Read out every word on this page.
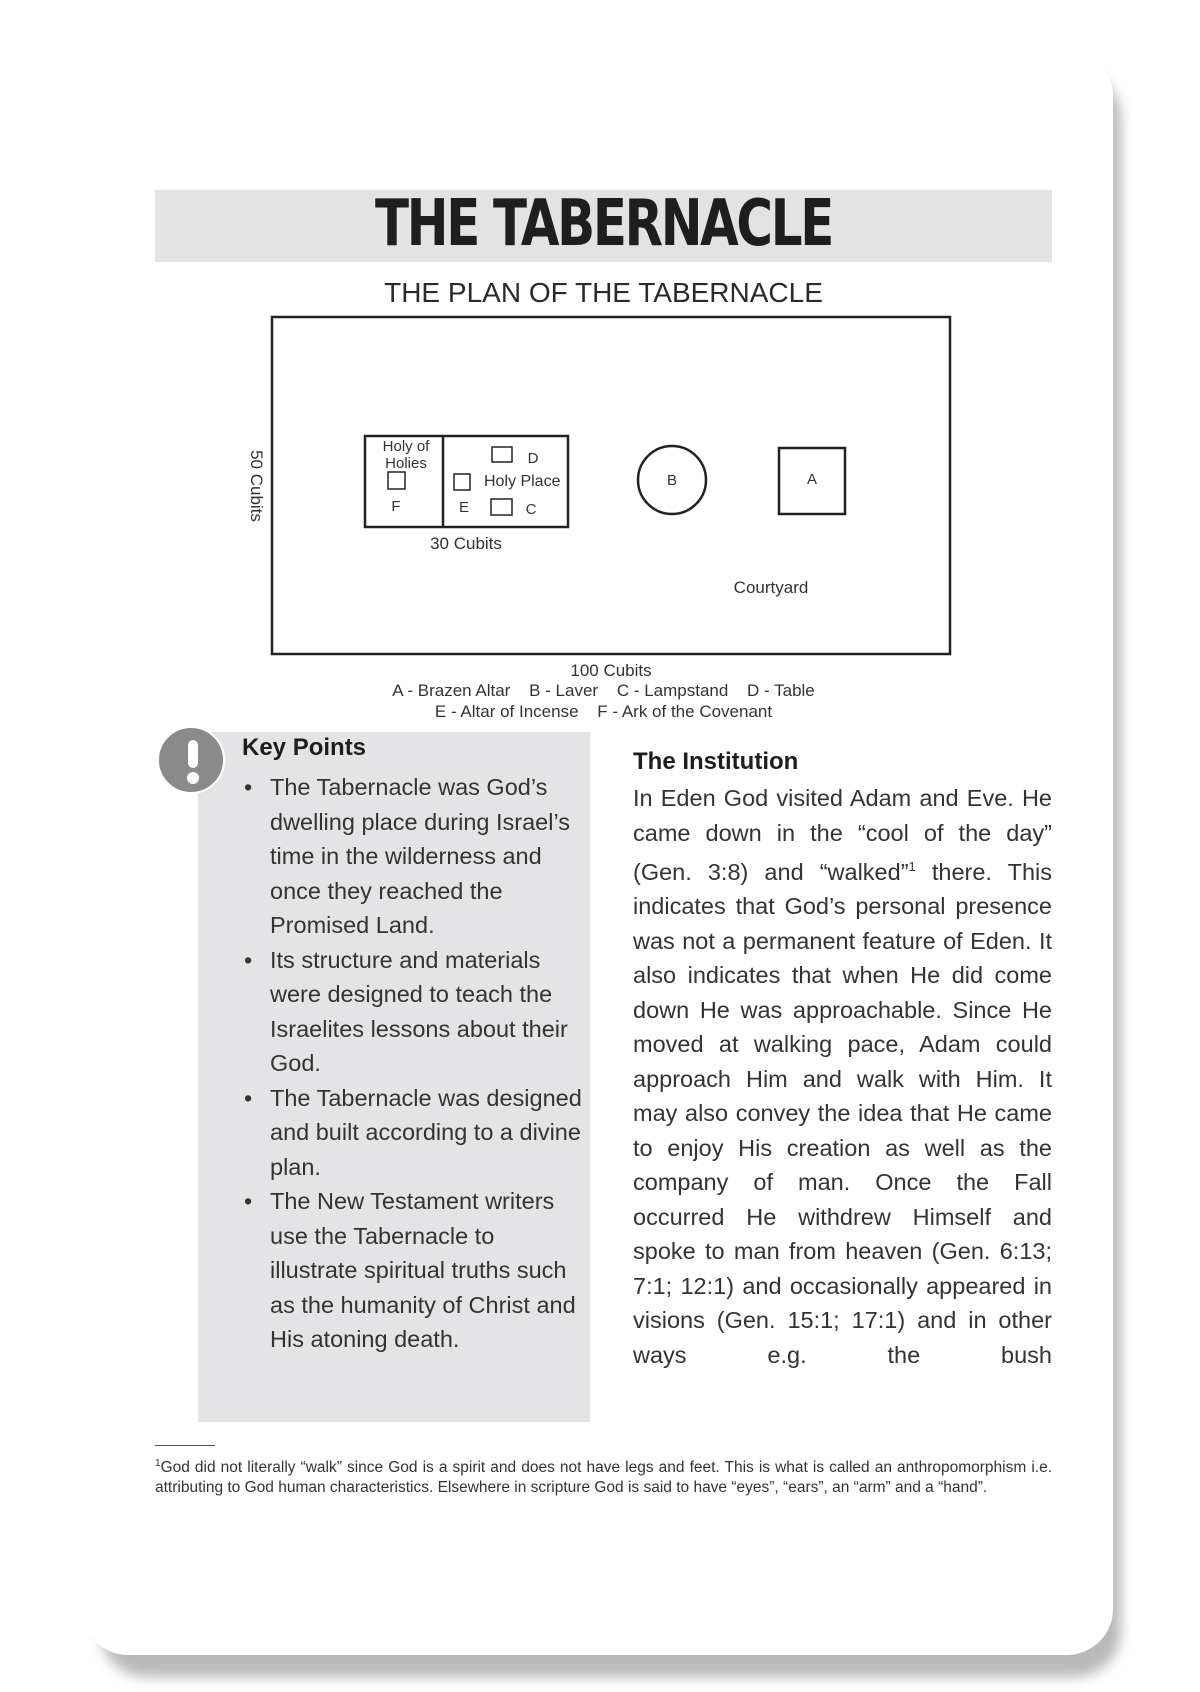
THE TABERNACLE
THE PLAN OF THE TABERNACLE
Holy of
Holies
F
D
Holy Place
E	C
B	A
30 Cubits
Courtyard
50 Cubits
100 Cubits
A - Brazen Altar B - Laver C - Lampstand D - Table
E - Altar of Incense F - Ark of the Covenant
Key Points
• The Tabernacle was God’s dwelling place during Israel’s time in the wilderness and once they reached the Promised Land.
• Its structure and materials were designed to teach the Israelites lessons about their God.
• The Tabernacle was designed and built according to a divine plan.
• The New Testament writers use the Tabernacle to illustrate spiritual truths such as the humanity of Christ and His atoning death.
The Institution

In Eden God visited Adam and Eve. He came down in the “cool of the day” (Gen. 3:8) and “walked”$^1$ there. This indicates that God’s personal presence was not a permanent feature of Eden. It also indicates that when He did come down He was approachable. Since He moved at walking pace, Adam could approach Him and walk with Him. It may also convey the idea that He came to enjoy His creation as well as the company of man. Once the Fall occurred He withdrew Himself and spoke to man from heaven (Gen. 6:13; 7:1; 12:1) and occasionally appeared in visions (Gen. 15:1; 17:1) and in other ways e.g. the bush

$^1$God did not literally “walk” since God is a spirit and does not have legs and feet. This is what is called an anthropomorphism i.e. attributing to God human characteristics. Elsewhere in scripture God is said to have “eyes”, “ears”, an “arm” and a “hand”.
